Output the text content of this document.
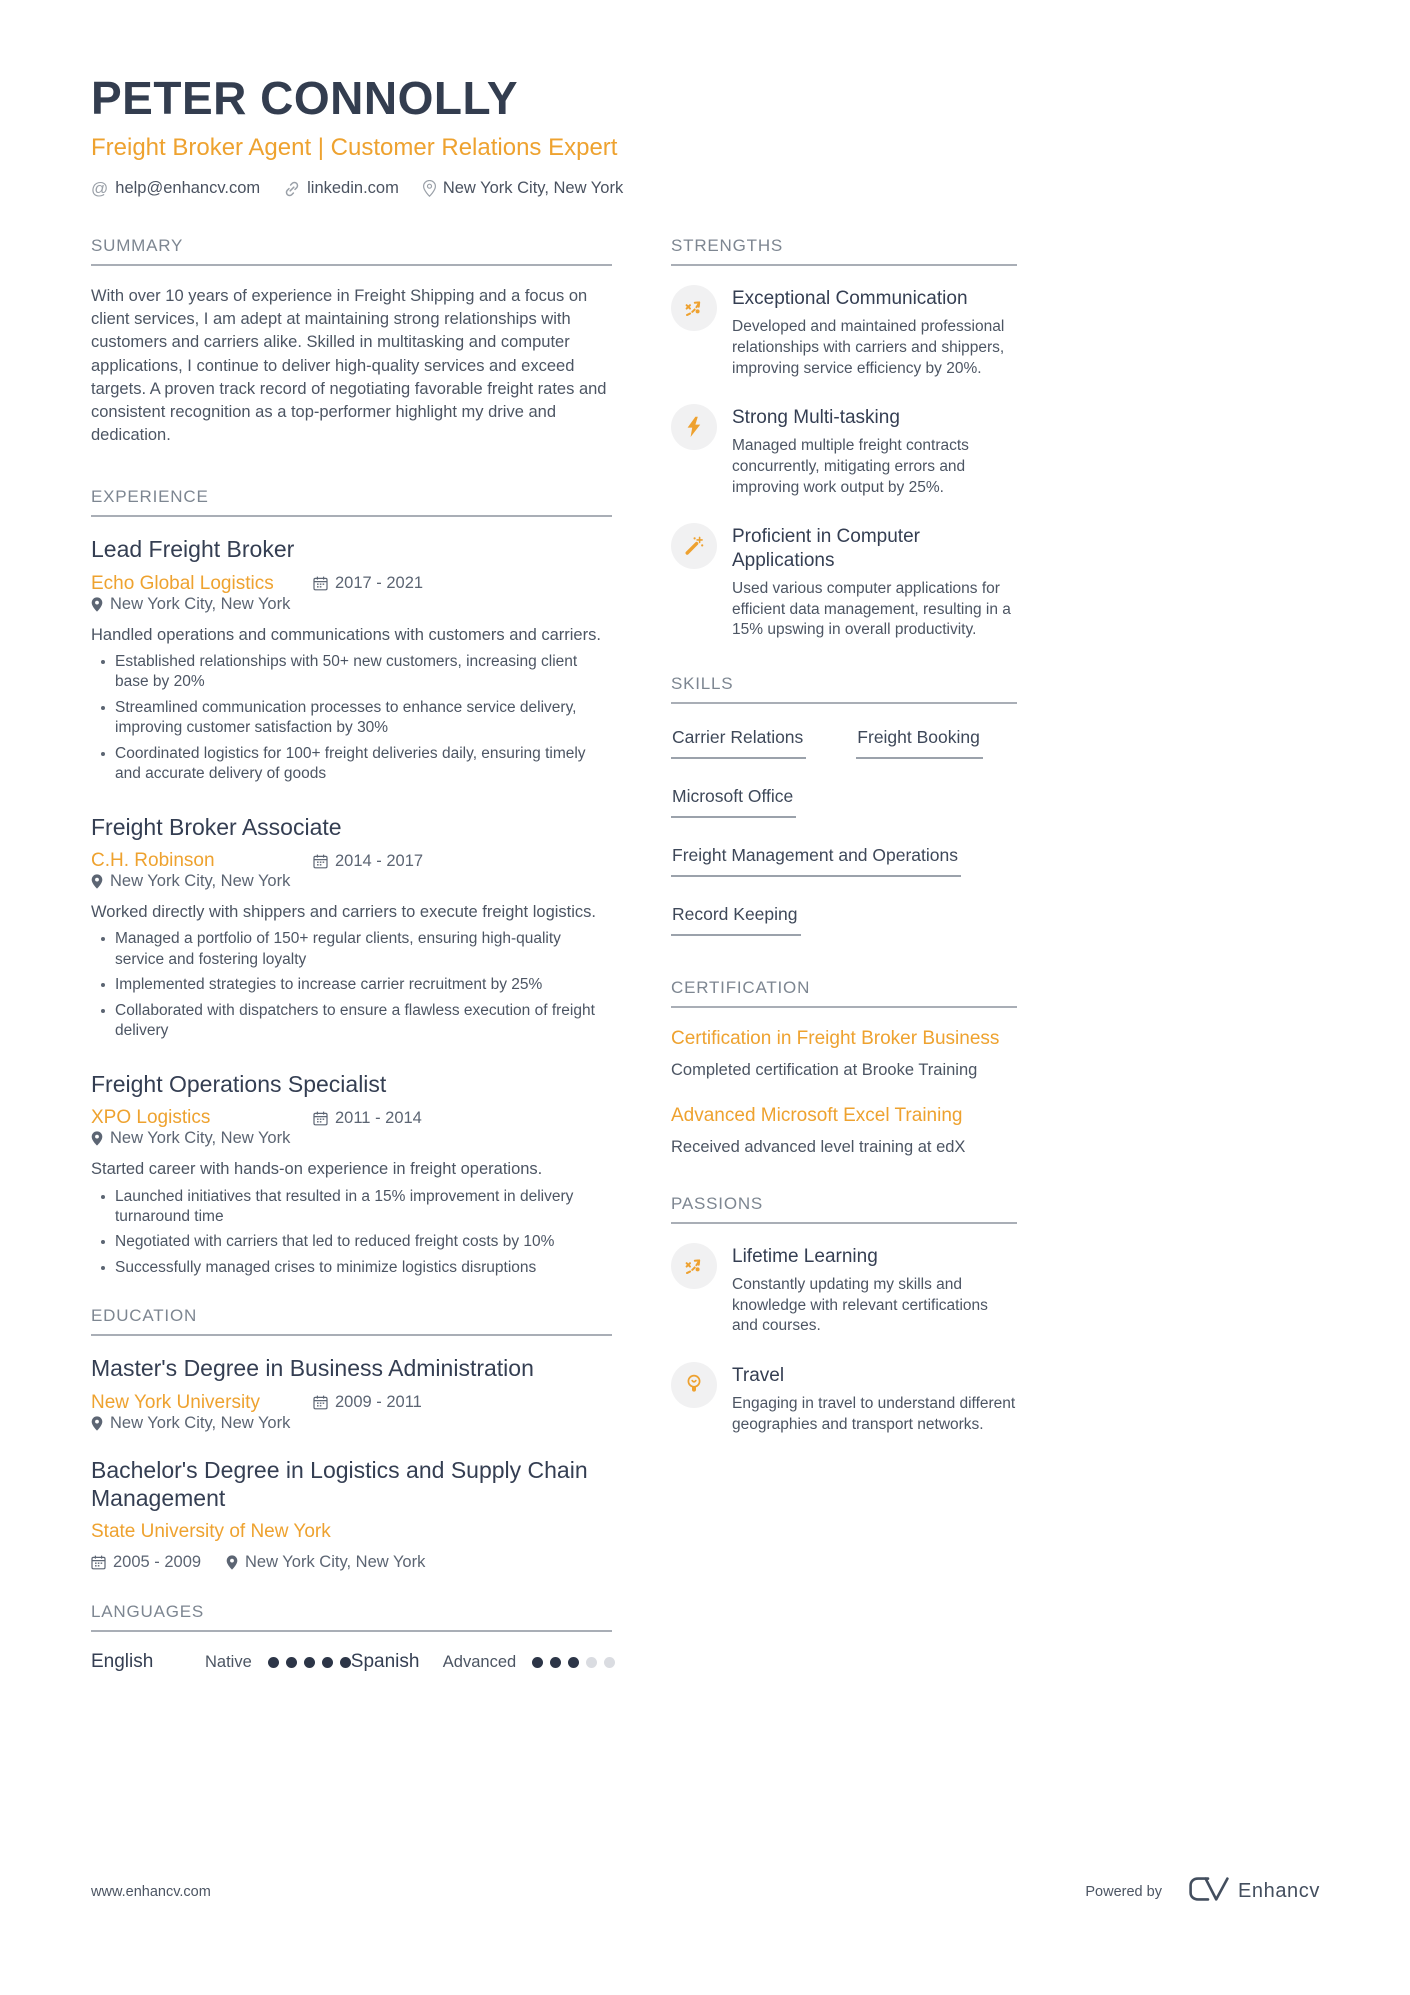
PETER CONNOLLY
Freight Broker Agent | Customer Relations Expert
@ help@enhancv.com	linkedin.com	New York City, New York
SUMMARY

With over 10 years of experience in Freight Shipping and a focus on client services, I am adept at maintaining strong relationships with customers and carriers alike. Skilled in multitasking and computer applications, I continue to deliver high-quality services and exceed targets. A proven track record of negotiating favorable freight rates and consistent recognition as a top-performer highlight my drive and dedication.

EXPERIENCE
Lead Freight Broker
Echo Global Logistics	2017 - 2021
New York City, New York
Handled operations and communications with customers and carriers.
Established relationships with 50+ new customers, increasing client base by 20%
Streamlined communication processes to enhance service delivery, improving customer satisfaction by 30%
Coordinated logistics for 100+ freight deliveries daily, ensuring timely and accurate delivery of goods
Freight Broker Associate
C.H. Robinson	2014 - 2017
New York City, New York
Worked directly with shippers and carriers to execute freight logistics.
Managed a portfolio of 150+ regular clients, ensuring high-quality service and fostering loyalty
Implemented strategies to increase carrier recruitment by 25%
Collaborated with dispatchers to ensure a flawless execution of freight delivery
Freight Operations Specialist
XPO Logistics	2011 - 2014
New York City, New York
Started career with hands-on experience in freight operations.
Launched initiatives that resulted in a 15% improvement in delivery turnaround time
Negotiated with carriers that led to reduced freight costs by 10%
Successfully managed crises to minimize logistics disruptions
EDUCATION
Master's Degree in Business Administration
New York University	2009 - 2011
New York City, New York
Bachelor's Degree in Logistics and Supply Chain Management
State University of New York
2005 - 2009	New York City, New York
LANGUAGES
English	Native	Spanish	Advanced
STRENGTHS
Exceptional Communication
Developed and maintained professional relationships with carriers and shippers, improving service efficiency by 20%.
Strong Multi-tasking
Managed multiple freight contracts concurrently, mitigating errors and improving work output by 25%.
Proficient in Computer Applications
Used various computer applications for efficient data management, resulting in a 15% upswing in overall productivity.
SKILLS
Carrier Relations	Freight Booking
Microsoft Office
Freight Management and Operations
Record Keeping
CERTIFICATION
Certification in Freight Broker Business
Completed certification at Brooke Training
Advanced Microsoft Excel Training
Received advanced level training at edX
PASSIONS
Lifetime Learning
Constantly updating my skills and knowledge with relevant certifications and courses.
Travel
Engaging in travel to understand different geographies and transport networks.
www.enhancv.com	Powered by	Enhancv
